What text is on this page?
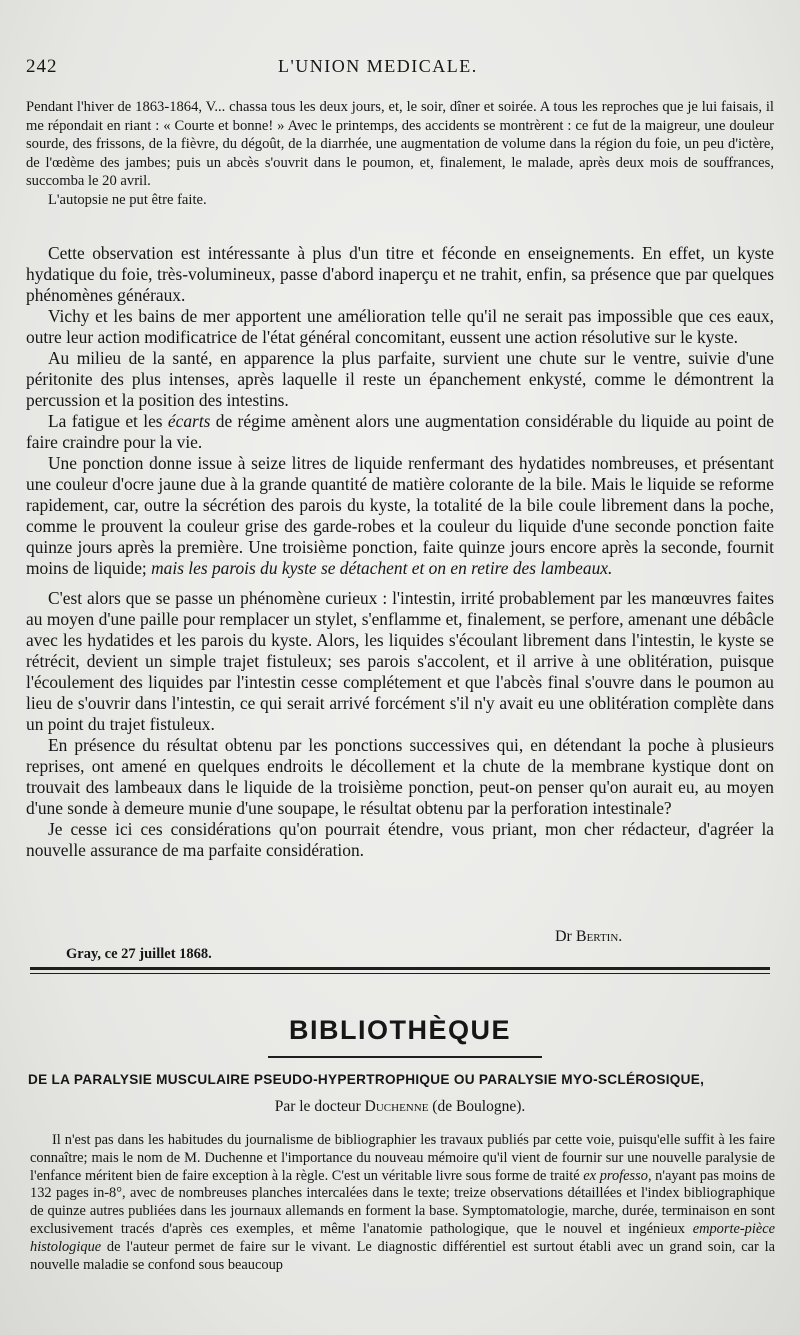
242	L'UNION MEDICALE.

Pendant l'hiver de 1863-1864, V... chassa tous les deux jours, et, le soir, dîner et soirée. A tous les reproches que je lui faisais, il me répondait en riant : « Courte et bonne! » Avec le printemps, des accidents se montrèrent : ce fut de la maigreur, une douleur sourde, des frissons, de la fièvre, du dégoût, de la diarrhée, une augmentation de volume dans la région du foie, un peu d'ictère, de l'œdème des jambes; puis un abcès s'ouvrit dans le poumon, et, finalement, le malade, après deux mois de souffrances, succomba le 20 avril.

L'autopsie ne put être faite.

Cette observation est intéressante à plus d'un titre et féconde en enseignements. En effet, un kyste hydatique du foie, très-volumineux, passe d'abord inaperçu et ne trahit, enfin, sa présence que par quelques phénomènes généraux.

Vichy et les bains de mer apportent une amélioration telle qu'il ne serait pas impossible que ces eaux, outre leur action modificatrice de l'état général concomitant, eussent une action résolutive sur le kyste.

Au milieu de la santé, en apparence la plus parfaite, survient une chute sur le ventre, suivie d'une péritonite des plus intenses, après laquelle il reste un épanchement enkysté, comme le démontrent la percussion et la position des intestins.

La fatigue et les écarts de régime amènent alors une augmentation considérable du liquide au point de faire craindre pour la vie.

Une ponction donne issue à seize litres de liquide renfermant des hydatides nombreuses, et présentant une couleur d'ocre jaune due à la grande quantité de matière colorante de la bile. Mais le liquide se reforme rapidement, car, outre la sécrétion des parois du kyste, la totalité de la bile coule librement dans la poche, comme le prouvent la couleur grise des garde-robes et la couleur du liquide d'une seconde ponction faite quinze jours après la première. Une troisième ponction, faite quinze jours encore après la seconde, fournit moins de liquide; mais les parois du kyste se détachent et on en retire des lambeaux.

C'est alors que se passe un phénomène curieux : l'intestin, irrité probablement par les manœuvres faites au moyen d'une paille pour remplacer un stylet, s'enflamme et, finalement, se perfore, amenant une débâcle avec les hydatides et les parois du kyste. Alors, les liquides s'écoulant librement dans l'intestin, le kyste se rétrécit, devient un simple trajet fistuleux; ses parois s'accolent, et il arrive à une oblitération, puisque l'écoulement des liquides par l'intestin cesse complétement et que l'abcès final s'ouvre dans le poumon au lieu de s'ouvrir dans l'intestin, ce qui serait arrivé forcément s'il n'y avait eu une oblitération complète dans un point du trajet fistuleux.

En présence du résultat obtenu par les ponctions successives qui, en détendant la poche à plusieurs reprises, ont amené en quelques endroits le décollement et la chute de la membrane kystique dont on trouvait des lambeaux dans le liquide de la troisième ponction, peut-on penser qu'on aurait eu, au moyen d'une sonde à demeure munie d'une soupape, le résultat obtenu par la perforation intestinale?

Je cesse ici ces considérations qu'on pourrait étendre, vous priant, mon cher rédacteur, d'agréer la nouvelle assurance de ma parfaite considération.

Dr Bertin.
Gray, ce 27 juillet 1868.
BIBLIOTHÈQUE
DE LA PARALYSIE MUSCULAIRE PSEUDO-HYPERTROPHIQUE OU PARALYSIE MYO-SCLÉROSIQUE,
Par le docteur Duchenne (de Boulogne).

Il n'est pas dans les habitudes du journalisme de bibliographier les travaux publiés par cette voie, puisqu'elle suffit à les faire connaître; mais le nom de M. Duchenne et l'importance du nouveau mémoire qu'il vient de fournir sur une nouvelle paralysie de l'enfance méritent bien de faire exception à la règle. C'est un véritable livre sous forme de traité ex professo, n'ayant pas moins de 132 pages in-8°, avec de nombreuses planches intercalées dans le texte; treize observations détaillées et l'index bibliographique de quinze autres publiées dans les journaux allemands en forment la base. Symptomatologie, marche, durée, terminaison en sont exclusivement tracés d'après ces exemples, et même l'anatomie pathologique, que le nouvel et ingénieux emporte-pièce histologique de l'auteur permet de faire sur le vivant. Le diagnostic différentiel est surtout établi avec un grand soin, car la nouvelle maladie se confond sous beaucoup
